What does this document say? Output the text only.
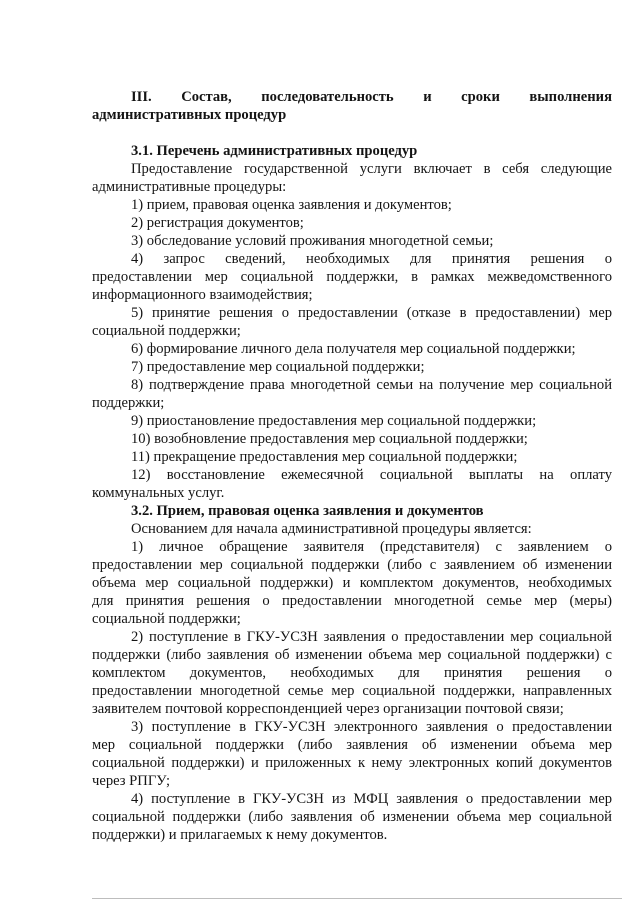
III. Состав, последовательность и сроки выполнения
административных процедур
3.1. Перечень административных процедур
Предоставление государственной услуги включает в себя следующие
административные процедуры:
1) прием, правовая оценка заявления и документов;
2) регистрация документов;
3) обследование условий проживания многодетной семьи;
4) запрос сведений, необходимых для принятия решения о
предоставлении мер социальной поддержки, в рамках межведомственного
информационного взаимодействия;
5) принятие решения о предоставлении (отказе в предоставлении) мер
социальной поддержки;
6) формирование личного дела получателя мер социальной поддержки;
7) предоставление мер социальной поддержки;
8) подтверждение права многодетной семьи на получение мер социальной
поддержки;
9) приостановление предоставления мер социальной поддержки;
10) возобновление предоставления мер социальной поддержки;
11) прекращение предоставления мер социальной поддержки;
12) восстановление ежемесячной социальной выплаты на оплату
коммунальных услуг.
3.2. Прием, правовая оценка заявления и документов
Основанием для начала административной процедуры является:
1) личное обращение заявителя (представителя) с заявлением о
предоставлении мер социальной поддержки (либо с заявлением об изменении
объема мер социальной поддержки) и комплектом документов, необходимых
для принятия решения о предоставлении многодетной семье мер (меры)
социальной поддержки;
2) поступление в ГКУ-УСЗН заявления о предоставлении мер социальной
поддержки (либо заявления об изменении объема мер социальной поддержки) с
комплектом документов, необходимых для принятия решения о
предоставлении многодетной семье мер социальной поддержки, направленных
заявителем почтовой корреспонденцией через организации почтовой связи;
3) поступление в ГКУ-УСЗН электронного заявления о предоставлении
мер социальной поддержки (либо заявления об изменении объема мер
социальной поддержки) и приложенных к нему электронных копий документов
через РПГУ;
4) поступление в ГКУ-УСЗН из МФЦ заявления о предоставлении мер
социальной поддержки (либо заявления об изменении объема мер социальной
поддержки) и прилагаемых к нему документов.
